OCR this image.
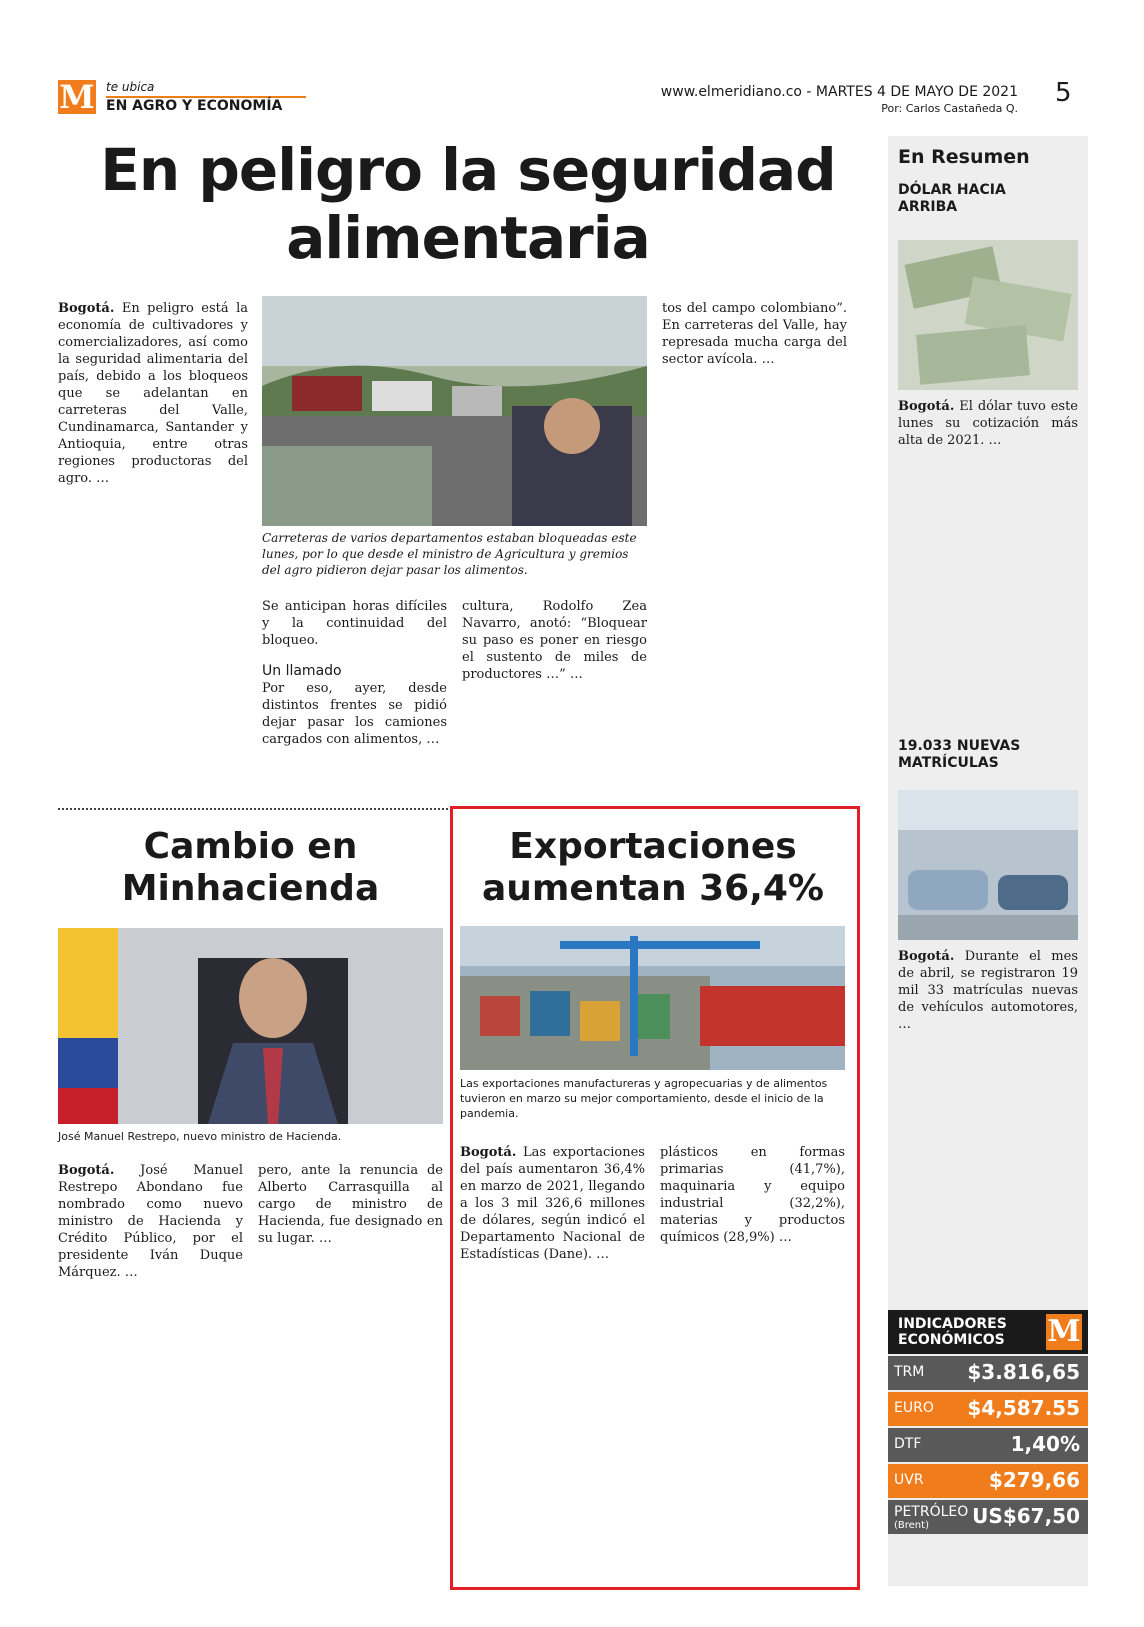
M te ubica
EN AGRO Y ECONOMÍA
www.elmeridiano.co - MARTES 4 DE MAYO DE 2021
Por: Carlos Castañeda Q.
5
En peligro la seguridad
alimentaria
Bogotá. En peligro está la economía de cultivadores y comercializadores, así como la seguridad alimentaria del país, debido a los bloqueos que se adelantan en carreteras del Valle, Cundinamarca, Santander y Antioquia, entre otras regiones productoras del agro. …
Carreteras de varios departamentos estaban bloqueadas este lunes, por lo que desde el ministro de Agricultura y gremios del agro pidieron dejar pasar los alimentos.
Se anticipan horas difíciles y la continuidad del bloqueo.
Un llamado
Por eso, ayer, desde distintos frentes se pidió dejar pasar los camiones cargados con alimentos, …
cultura, Rodolfo Zea Navarro, anotó: “Bloquear su paso es poner en riesgo el sustento de miles de productores …” …
tos del campo colombiano”. En carreteras del Valle, hay represada mucha carga del sector avícola. …
Cambio en
Minhacienda
José Manuel Restrepo, nuevo ministro de Hacienda.
Bogotá. José Manuel Restrepo Abondano fue nombrado como nuevo ministro de Hacienda y Crédito Público, por el presidente Iván Duque Márquez. …
pero, ante la renuncia de Alberto Carrasquilla al cargo de ministro de Hacienda, fue designado en su lugar. …
Exportaciones
aumentan 36,4%
Las exportaciones manufactureras y agropecuarias y de alimentos tuvieron en marzo su mejor comportamiento, desde el inicio de la pandemia.
Bogotá. Las exportaciones del país aumentaron 36,4% en marzo de 2021, llegando a los 3 mil 326,6 millones de dólares, según indicó el Departamento Nacional de Estadísticas (Dane). …
plásticos en formas primarias (41,7%), maquinaria y equipo industrial (32,2%), materias y productos químicos (28,9%) …
En Resumen
DÓLAR HACIA ARRIBA
Bogotá. El dólar tuvo este lunes su cotización más alta de 2021. …
19.033 NUEVAS MATRÍCULAS
Bogotá. Durante el mes de abril, se registraron 19 mil 33 matrículas nuevas de vehículos automotores, …
INDICADORES
ECONÓMICOS M
TRM $3.816,65
EURO $4,587.55
DTF	1,40%
UVR	$279,66
PETRÓLEO
(Brent) US$67,50
